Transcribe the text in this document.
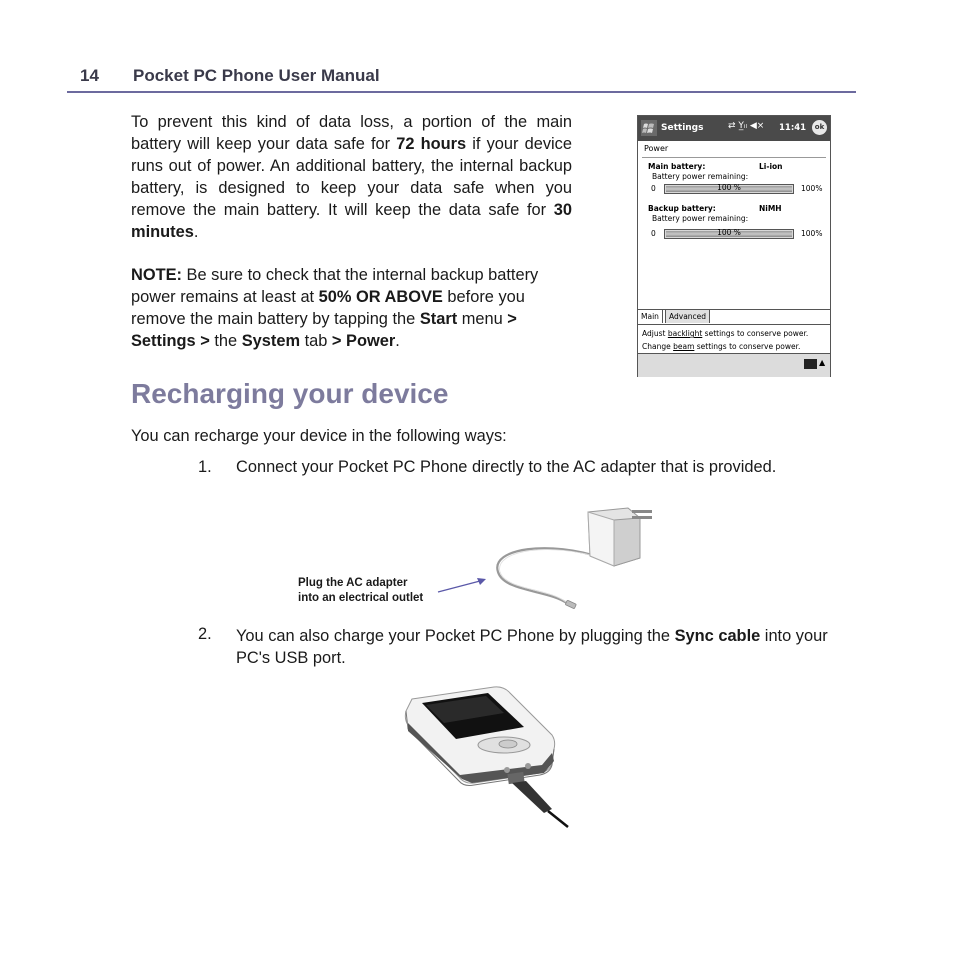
14 Pocket PC Phone User Manual
To prevent this kind of data loss, a portion of the main battery will keep your data safe for 72 hours if your device runs out of power. An additional battery, the internal backup battery, is designed to keep your data safe when you remove the main battery. It will keep the data safe for 30 minutes.
NOTE: Be sure to check that the internal backup battery power remains at least at 50% OR ABOVE before you remove the main battery by tapping the Start menu > Settings > the System tab > Power.
Settings	⇄ Y̲ᵢₗ ◀× 11:41	ok
Power
Main battery:	Li-ion
Battery power remaining:
0	100 %	100%
Backup battery:	NiMH
Battery power remaining:
0	100 %	100%
Main	Advanced
Adjust backlight settings to conserve power.
Change beam settings to conserve power.
▲
Recharging your device
You can recharge your device in the following ways:
1. Connect your Pocket PC Phone directly to the AC adapter that is provided.
Plug the AC adapter
into an electrical outlet
2. You can also charge your Pocket PC Phone by plugging the Sync cable into your PC's USB port.
